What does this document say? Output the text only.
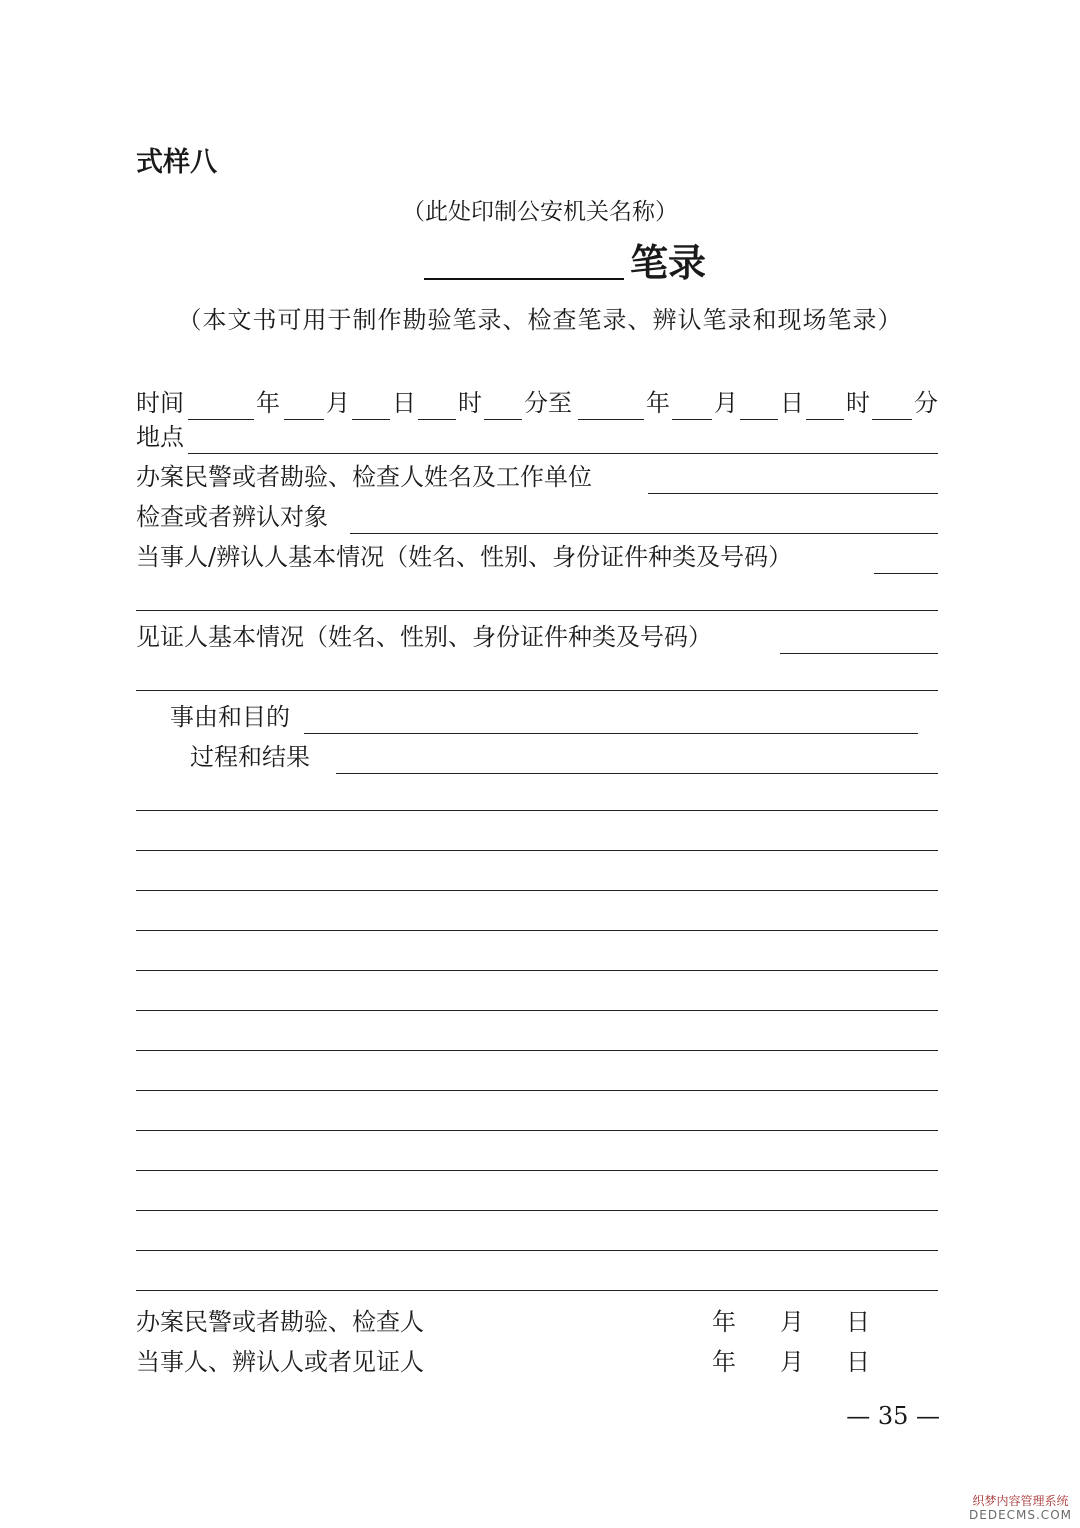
式样八
（此处印制公安机关名称）
笔录
（本文书可用于制作勘验笔录、检查笔录、辨认笔录和现场笔录）
时间	年 月 日 时 分至	年 月 日 时 分
地点
办案民警或者勘验、检查人姓名及工作单位
检查或者辨认对象
当事人/辨认人基本情况（姓名、性别、身份证件种类及号码）
见证人基本情况（姓名、性别、身份证件种类及号码）
事由和目的
过程和结果
办案民警或者勘验、检查人	年 月 日
当事人、辨认人或者见证人	年 月 日
— 35 —
织梦内容管理系统
DEDECMS.COM
